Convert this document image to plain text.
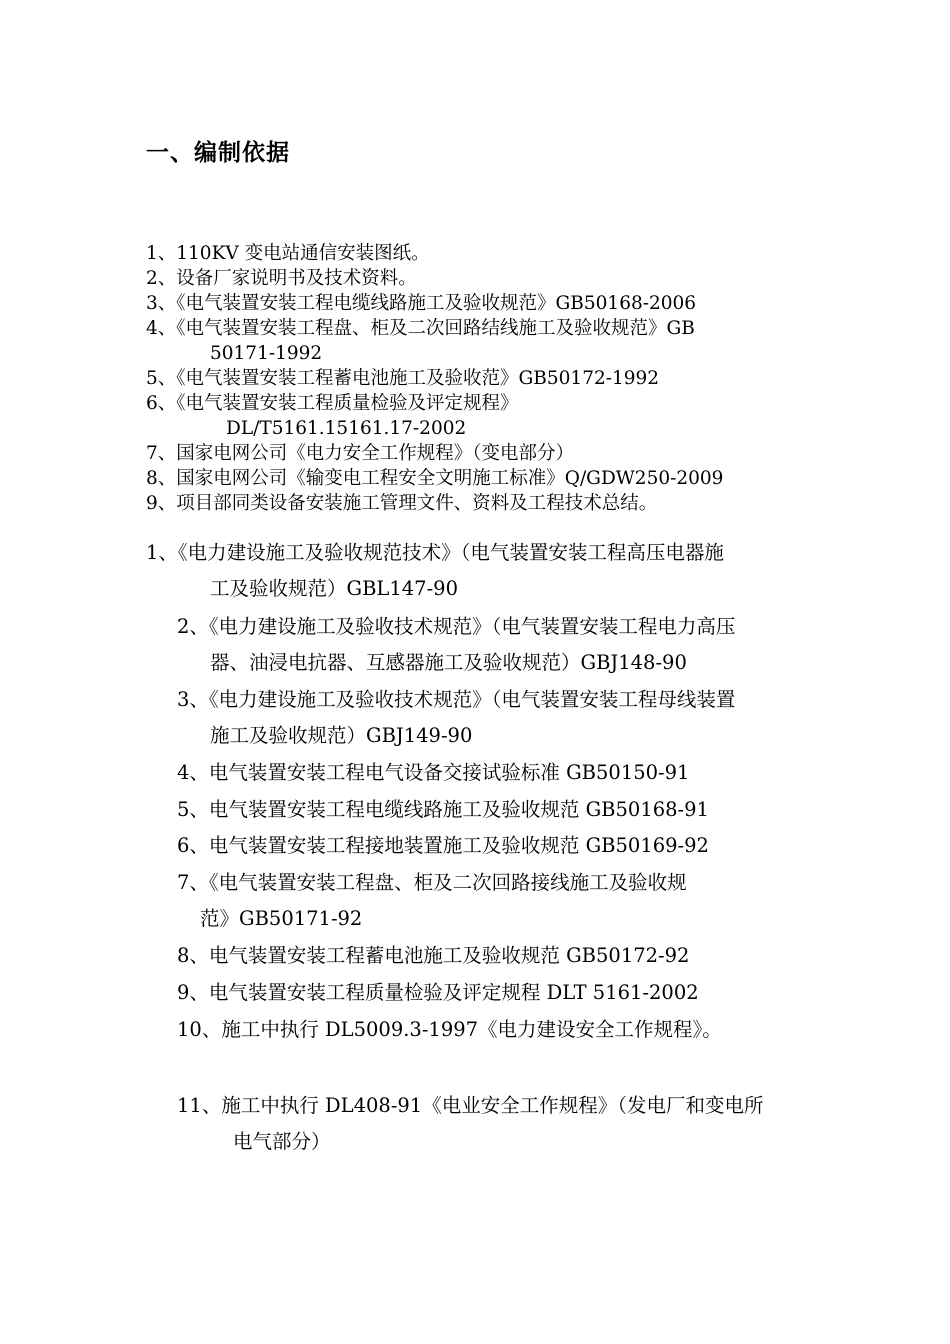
一、编制依据
1、110KV 变电站通信安装图纸。
2、设备厂家说明书及技术资料。
3、《电气装置安装工程电缆线路施工及验收规范》GB50168-2006
4、《电气装置安装工程盘、柜及二次回路结线施工及验收规范》GB
50171-1992
5、《电气装置安装工程蓄电池施工及验收范》GB50172-1992
6、《电气装置安装工程质量检验及评定规程》
DL/T5161.15161.17-2002
7、国家电网公司《电力安全工作规程》（变电部分）
8、国家电网公司《输变电工程安全文明施工标准》Q/GDW250-2009
9、项目部同类设备安装施工管理文件、资料及工程技术总结。
1、《电力建设施工及验收规范技术》（电气装置安装工程高压电器施
工及验收规范）GBL147-90
2、《电力建设施工及验收技术规范》（电气装置安装工程电力高压
器、油浸电抗器、互感器施工及验收规范）GBJ148-90
3、《电力建设施工及验收技术规范》（电气装置安装工程母线装置
施工及验收规范）GBJ149-90
4、电气装置安装工程电气设备交接试验标准 GB50150-91
5、电气装置安装工程电缆线路施工及验收规范 GB50168-91
6、电气装置安装工程接地装置施工及验收规范 GB50169-92
7、《电气装置安装工程盘、柜及二次回路接线施工及验收规
范》GB50171-92
8、电气装置安装工程蓄电池施工及验收规范 GB50172-92
9、电气装置安装工程质量检验及评定规程 DLT 5161-2002
10、施工中执行 DL5009.3-1997《电力建设安全工作规程》。
11、施工中执行 DL408-91《电业安全工作规程》（发电厂和变电所
电气部分）
